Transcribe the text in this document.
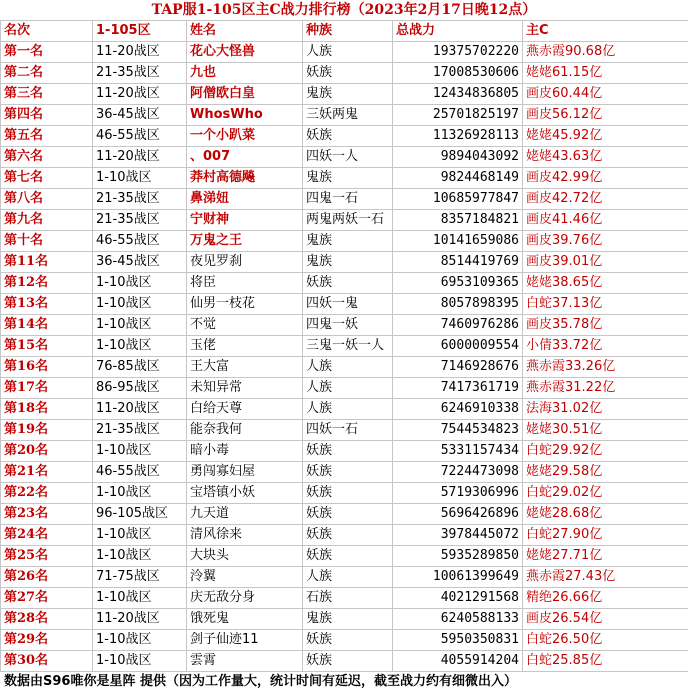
TAP服1-105区主C战力排行榜（2023年2月17日晚12点）
名次	1-105区	姓名	种族	总战力	主C
第一名	11-20战区	花心大怪兽	人族	19375702220	燕赤霞90.68亿
第二名	21-35战区	九也	妖族	17008530606	姥姥61.15亿
第三名	11-20战区	阿僧欧白皇	鬼族	12434836805	画皮60.44亿
第四名	36-45战区	WhosWho	三妖两鬼	25701825197	画皮56.12亿
第五名	46-55战区	一个小趴菜	妖族	11326928113	姥姥45.92亿
第六名	11-20战区	、007	四妖一人	9894043092	姥姥43.63亿
第七名	1-10战区	莽村高德飚	鬼族	9824468149	画皮42.99亿
第八名	21-35战区	鼻涕妞	四鬼一石	10685977847	画皮42.72亿
第九名	21-35战区	宁财神	两鬼两妖一石	8357184821	画皮41.46亿
第十名	46-55战区	万鬼之王	鬼族	10141659086	画皮39.76亿
第11名	36-45战区	夜见罗刹	鬼族	8514419769	画皮39.01亿
第12名	1-10战区	将臣	妖族	6953109365	姥姥38.65亿
第13名	1-10战区	仙男一枝花	四妖一鬼	8057898395	白蛇37.13亿
第14名	1-10战区	不觉	四鬼一妖	7460976286	画皮35.78亿
第15名	1-10战区	玉佬	三鬼一妖一人	6000009554	小倩33.72亿
第16名	76-85战区	王大富	人族	7146928676	燕赤霞33.26亿
第17名	86-95战区	未知异常	人族	7417361719	燕赤霞31.22亿
第18名	11-20战区	白给天尊	人族	6246910338	法海31.02亿
第19名	21-35战区	能奈我何	四妖一石	7544534823	姥姥30.51亿
第20名	1-10战区	暗小毒	妖族	5331157434	白蛇29.92亿
第21名	46-55战区	勇闯寡妇屋	妖族	7224473098	姥姥29.58亿
第22名	1-10战区	宝塔镇小妖	妖族	5719306996	白蛇29.02亿
第23名	96-105战区	九天道	妖族	5696426896	姥姥28.68亿
第24名	1-10战区	清风徐来	妖族	3978445072	白蛇27.90亿
第25名	1-10战区	大块头	妖族	5935289850	姥姥27.71亿
第26名	71-75战区	泠翼	人族	10061399649	燕赤霞27.43亿
第27名	1-10战区	庆无敌分身	石族	4021291568	精绝26.66亿
第28名	11-20战区	饿死鬼	鬼族	6240588133	画皮26.54亿
第29名	1-10战区	剑子仙迹11	妖族	5950350831	白蛇26.50亿
第30名	1-10战区	雲霄	妖族	4055914204	白蛇25.85亿
数据由S96唯你是星阵 提供（因为工作量大，统计时间有延迟，截至战力约有细微出入）
